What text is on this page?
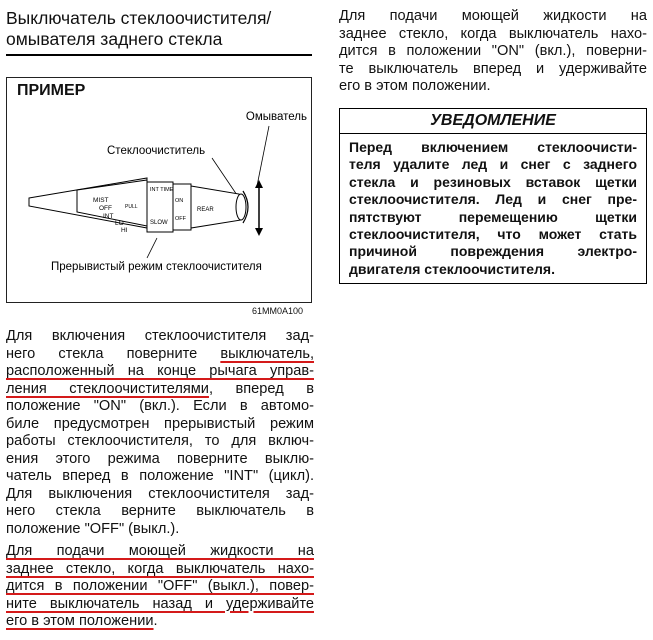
Выключатель стеклоочистителя/
омывателя заднего стекла
ПРИМЕР
Омыватель
Стеклоочиститель
Прерывистый режим стеклоочистителя
MIST
OFF
INT
LO
HI
PULL
INT TIME
SLOW
ON
OFF
REAR
61MM0A100

Для включения стеклоочистителя зад-
него стекла поверните выключатель,
расположенный на конце рычага управ-
ления стеклоочистителями, вперед в
положение "ON" (вкл.). Если в автомо-
биле предусмотрен прерывистый режим
работы стеклоочистителя, то для включ-
ения этого режима поверните выклю-
чатель вперед в положение "INT" (цикл).
Для выключения стеклоочистителя зад-
него стекла верните выключатель в
положение "OFF" (выкл.).

Для подачи моющей жидкости на
заднее стекло, когда выключатель нахо-
дится в положении "OFF" (выкл.), повер-
ните выключатель назад и удерживайте
его в этом положении.

Для подачи моющей жидкости на
заднее стекло, когда выключатель нахо-
дится в положении "ON" (вкл.), поверни-
те выключатель вперед и удерживайте
его в этом положении.

УВЕДОМЛЕНИЕ
Перед включением стеклоочисти-
теля удалите лед и снег с заднего
стекла и резиновых вставок щетки
стеклоочистителя. Лед и снег пре-
пятствуют перемещению щетки
стеклоочистителя, что может стать
причиной повреждения электро-
двигателя стеклоочистителя.
